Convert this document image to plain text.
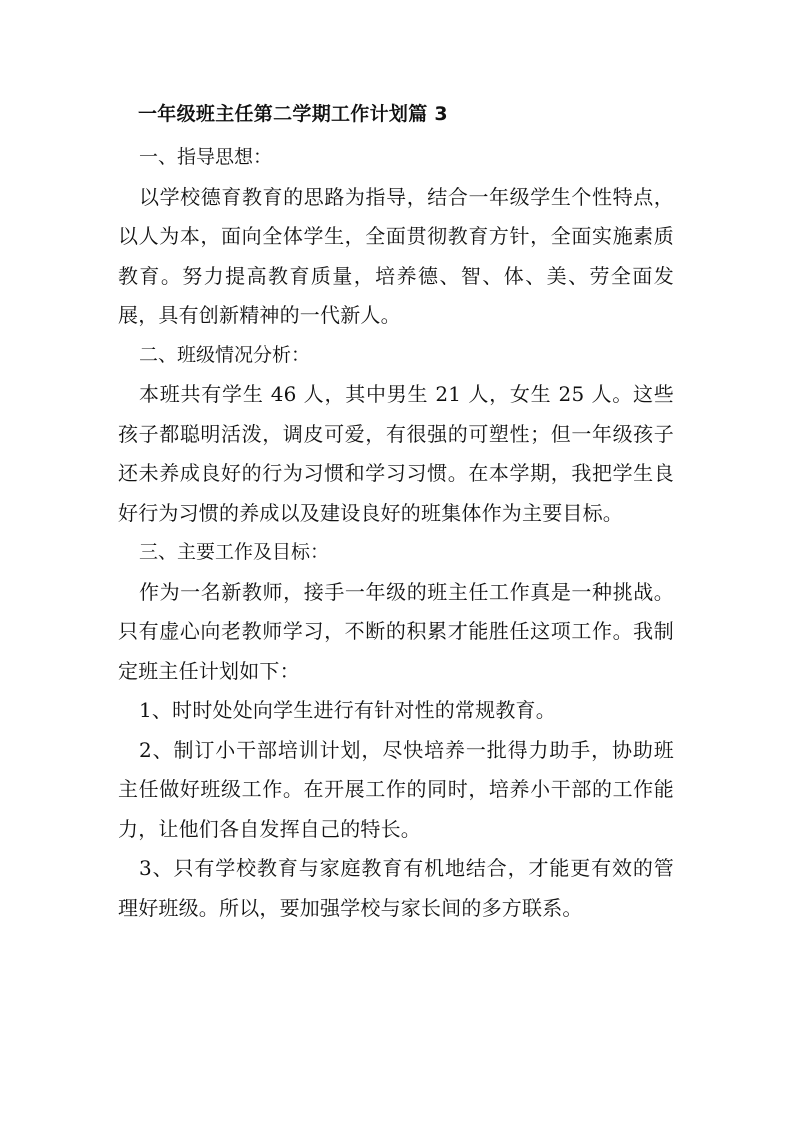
一年级班主任第二学期工作计划篇 3

一、指导思想：

以学校德育教育的思路为指导，结合一年级学生个性特点，以人为本，面向全体学生，全面贯彻教育方针，全面实施素质教育。努力提高教育质量，培养德、智、体、美、劳全面发展，具有创新精神的一代新人。

二、班级情况分析：

本班共有学生 46 人，其中男生 21 人，女生 25 人。这些孩子都聪明活泼，调皮可爱，有很强的可塑性；但一年级孩子还未养成良好的行为习惯和学习习惯。在本学期，我把学生良好行为习惯的养成以及建设良好的班集体作为主要目标。

三、主要工作及目标：

作为一名新教师，接手一年级的班主任工作真是一种挑战。只有虚心向老教师学习，不断的积累才能胜任这项工作。我制定班主任计划如下：

1、时时处处向学生进行有针对性的常规教育。

2、制订小干部培训计划，尽快培养一批得力助手，协助班主任做好班级工作。在开展工作的同时，培养小干部的工作能力，让他们各自发挥自己的特长。

3、只有学校教育与家庭教育有机地结合，才能更有效的管理好班级。所以，要加强学校与家长间的多方联系。
